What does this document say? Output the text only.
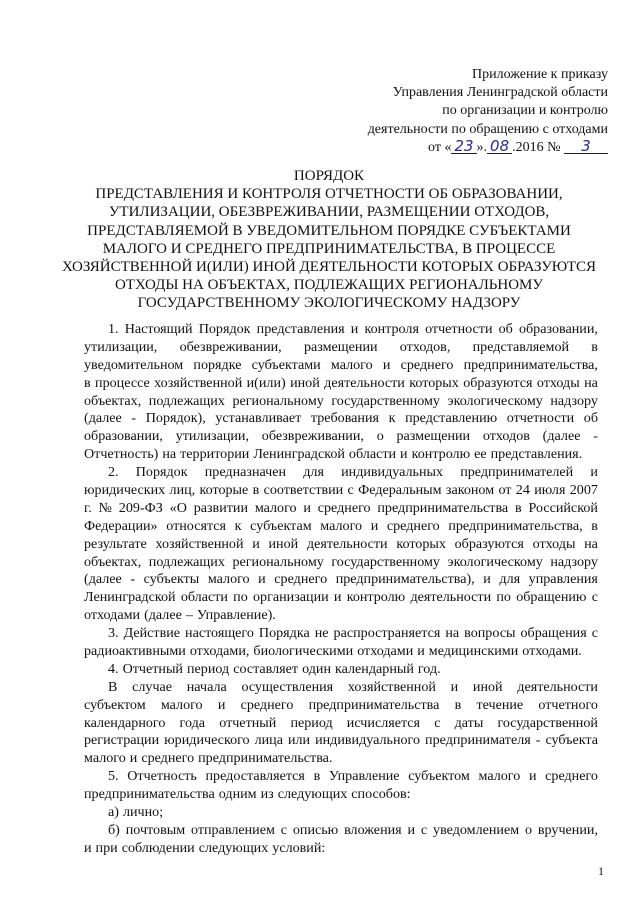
Приложение к приказу
Управления Ленинградской области
по организации и контролю
деятельности по обращению с отходами
от « 23 ». 08 .2016 № 3
ПОРЯДОК
ПРЕДСТАВЛЕНИЯ И КОНТРОЛЯ ОТЧЕТНОСТИ ОБ ОБРАЗОВАНИИ,
УТИЛИЗАЦИИ, ОБЕЗВРЕЖИВАНИИ, РАЗМЕЩЕНИИ ОТХОДОВ,
ПРЕДСТАВЛЯЕМОЙ В УВЕДОМИТЕЛЬНОМ ПОРЯДКЕ СУБЪЕКТАМИ
МАЛОГО И СРЕДНЕГО ПРЕДПРИНИМАТЕЛЬСТВА, В ПРОЦЕССЕ
ХОЗЯЙСТВЕННОЙ И(ИЛИ) ИНОЙ ДЕЯТЕЛЬНОСТИ КОТОРЫХ ОБРАЗУЮТСЯ
ОТХОДЫ НА ОБЪЕКТАХ, ПОДЛЕЖАЩИХ РЕГИОНАЛЬНОМУ
ГОСУДАРСТВЕННОМУ ЭКОЛОГИЧЕСКОМУ НАДЗОРУ
1. Настоящий Порядок представления и контроля отчетности об образовании,
утилизации, обезвреживании, размещении отходов, представляемой в
уведомительном порядке субъектами малого и среднего предпринимательства,
в процессе хозяйственной и(или) иной деятельности которых образуются отходы на
объектах, подлежащих региональному государственному экологическому надзору
(далее - Порядок), устанавливает требования к представлению отчетности об
образовании, утилизации, обезвреживании, о размещении отходов (далее -
Отчетность) на территории Ленинградской области и контролю ее представления.
2. Порядок предназначен для индивидуальных предпринимателей и
юридических лиц, которые в соответствии с Федеральным законом от 24 июля 2007
г. № 209-ФЗ «О развитии малого и среднего предпринимательства в Российской
Федерации» относятся к субъектам малого и среднего предпринимательства, в
результате хозяйственной и иной деятельности которых образуются отходы на
объектах, подлежащих региональному государственному экологическому надзору
(далее - субъекты малого и среднего предпринимательства), и для управления
Ленинградской области по организации и контролю деятельности по обращению с
отходами (далее – Управление).
3. Действие настоящего Порядка не распространяется на вопросы обращения с
радиоактивными отходами, биологическими отходами и медицинскими отходами.
4. Отчетный период составляет один календарный год.
В случае начала осуществления хозяйственной и иной деятельности
субъектом малого и среднего предпринимательства в течение отчетного
календарного года отчетный период исчисляется с даты государственной
регистрации юридического лица или индивидуального предпринимателя - субъекта
малого и среднего предпринимательства.
5. Отчетность предоставляется в Управление субъектом малого и среднего
предпринимательства одним из следующих способов:
а) лично;
б) почтовым отправлением с описью вложения и с уведомлением о вручении,
и при соблюдении следующих условий:
1
